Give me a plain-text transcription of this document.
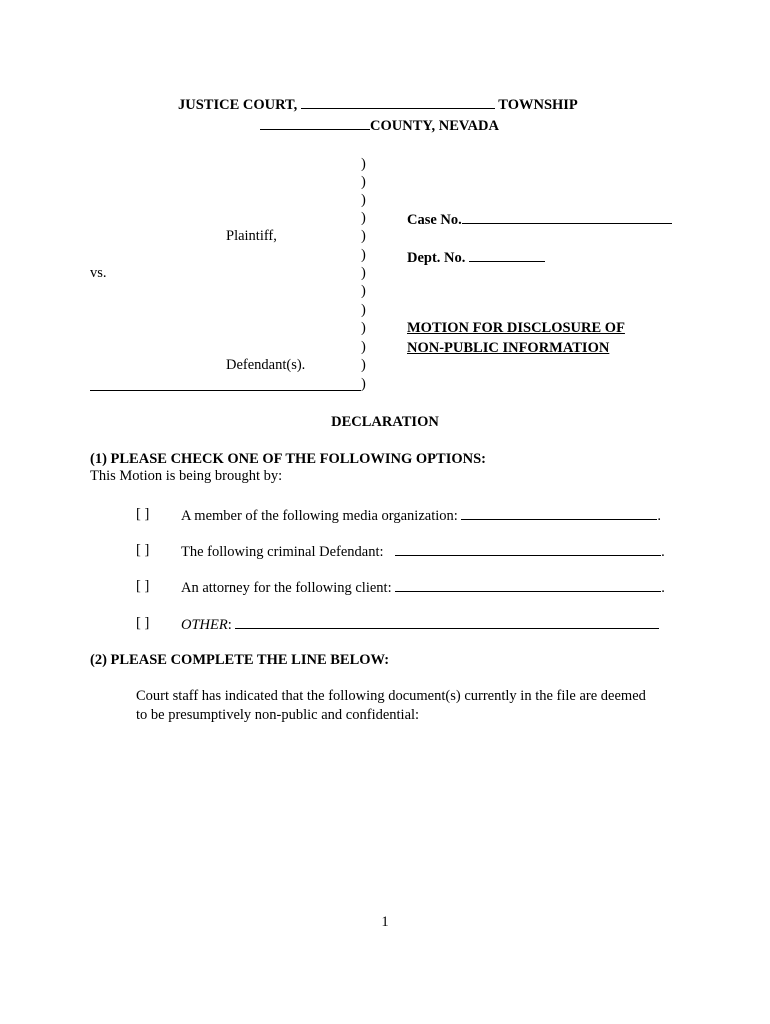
JUSTICE COURT,	TOWNSHIP
COUNTY, NEVADA
)
)
)
)
)
)
)
)
)
)
)
)
)
Plaintiff,
vs.
Defendant(s).
Case No.
Dept. No.
MOTION FOR DISCLOSURE OF
NON-PUBLIC INFORMATION
DECLARATION
(1) PLEASE CHECK ONE OF THE FOLLOWING OPTIONS:
This Motion is being brought by:
[ ] A member of the following media organization:	.
[ ] The following criminal Defendant:	.
[ ] An attorney for the following client:	.
[ ] OTHER:
(2) PLEASE COMPLETE THE LINE BELOW:
Court staff has indicated that the following document(s) currently in the file are deemed
to be presumptively non-public and confidential:
1
